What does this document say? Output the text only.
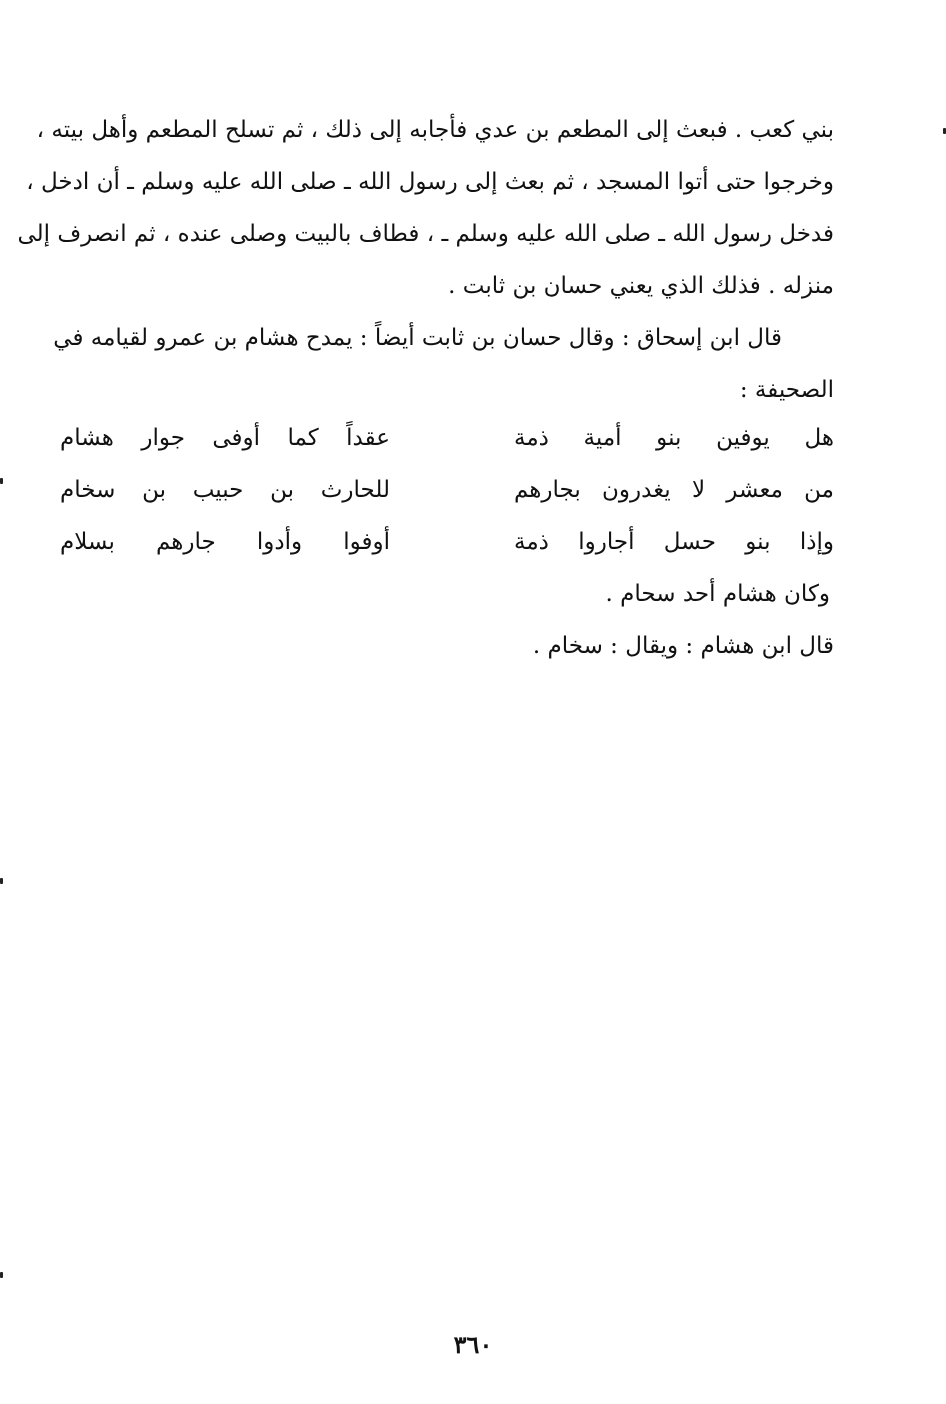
بني كعب . فبعث إلى المطعم بن عدي فأجابه إلى ذلك ، ثم تسلح المطعم وأهل بيته ،
وخرجوا حتى أتوا المسجد ، ثم بعث إلى رسول الله ـ صلى الله عليه وسلم ـ أن ادخل ،
فدخل رسول الله ـ صلى الله عليه وسلم ـ ، فطاف بالبيت وصلى عنده ، ثم انصرف إلى
منزله . فذلك الذي يعني حسان بن ثابت .
قال ابن إسحاق : وقال حسان بن ثابت أيضاً : يمدح هشام بن عمرو لقيامه في
الصحيفة :
هل يوفين بنو أمية ذمة
عقداً كما أوفى جوار هشام
من معشر لا يغدرون بجارهم
للحارث بن حبيب بن سخام
وإذا بنو حسل أجاروا ذمة
أوفوا وأدوا جارهم بسلام
وكان هشام أحد سحام .
قال ابن هشام : ويقال : سخام .
٣٦٠
